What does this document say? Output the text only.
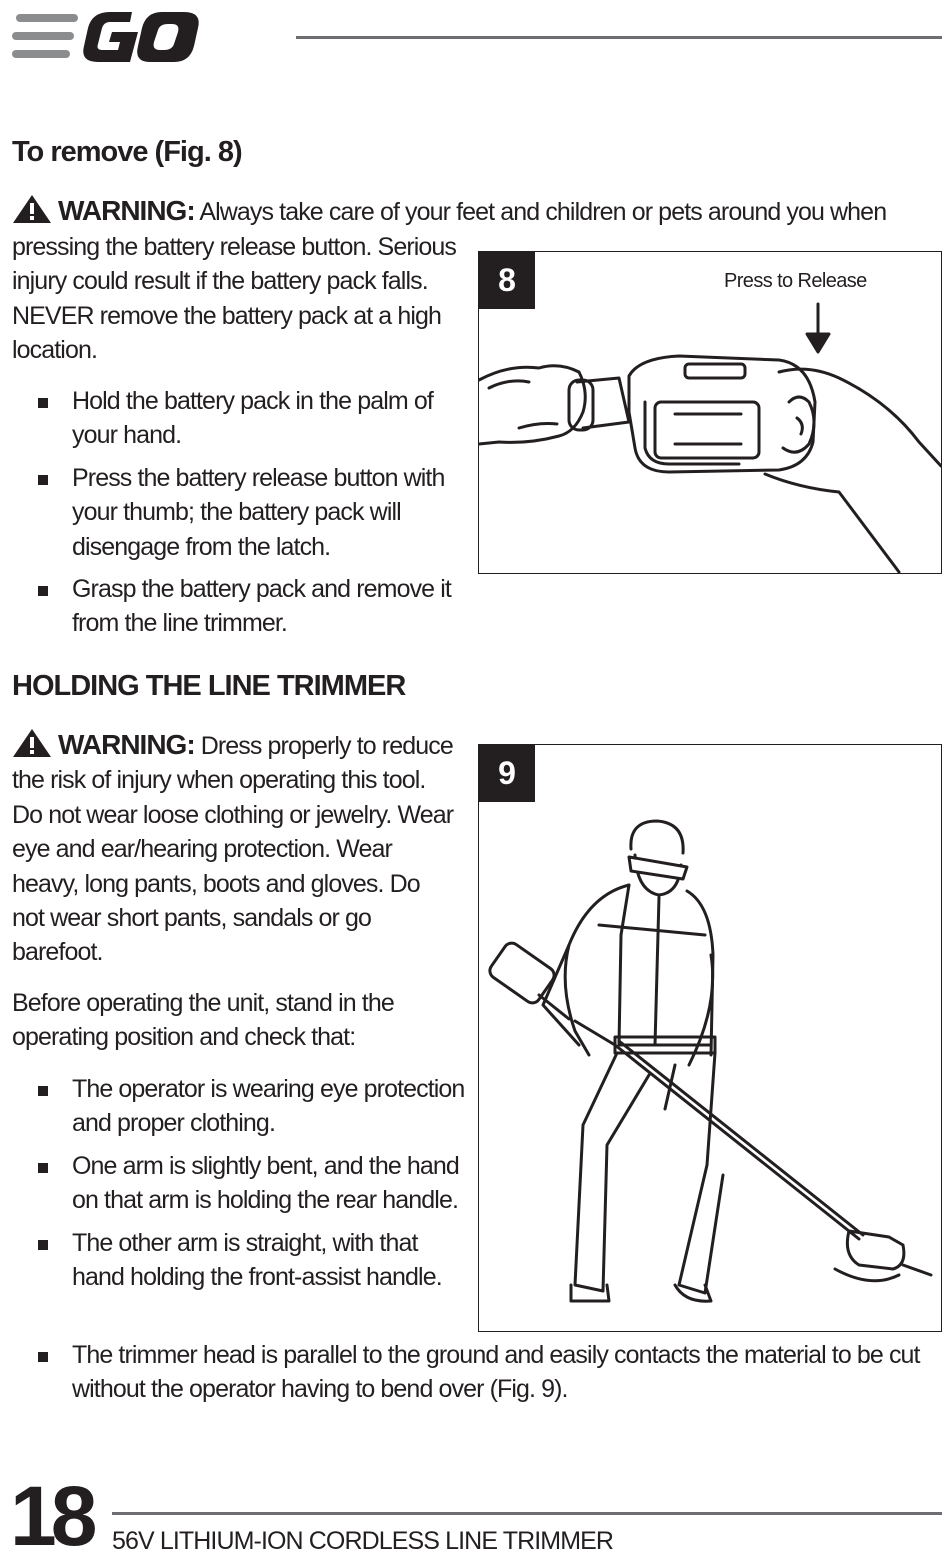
To remove (Fig. 8)
WARNING: Always take care of your feet and children or pets around you when
pressing the battery release button. Serious injury could result if the battery pack falls. NEVER remove the battery pack at a high location.
Hold the battery pack in the palm of your hand.
Press the battery release button with your thumb; the battery pack will disengage from the latch.
Grasp the battery pack and remove it from the line trimmer.
8	Press to Release
HOLDING THE LINE TRIMMER
WARNING: Dress properly to reduce the risk of injury when operating this tool. Do not wear loose clothing or jewelry. Wear eye and ear/hearing protection. Wear heavy, long pants, boots and gloves. Do not wear short pants, sandals or go barefoot.
Before operating the unit, stand in the operating position and check that:
The operator is wearing eye protection and proper clothing.
One arm is slightly bent, and the hand on that arm is holding the rear handle.
The other arm is straight, with that hand holding the front-assist handle.
The trimmer head is parallel to the ground and easily contacts the material to be cut without the operator having to bend over (Fig. 9).
9
18 56V LITHIUM-ION CORDLESS LINE TRIMMER
